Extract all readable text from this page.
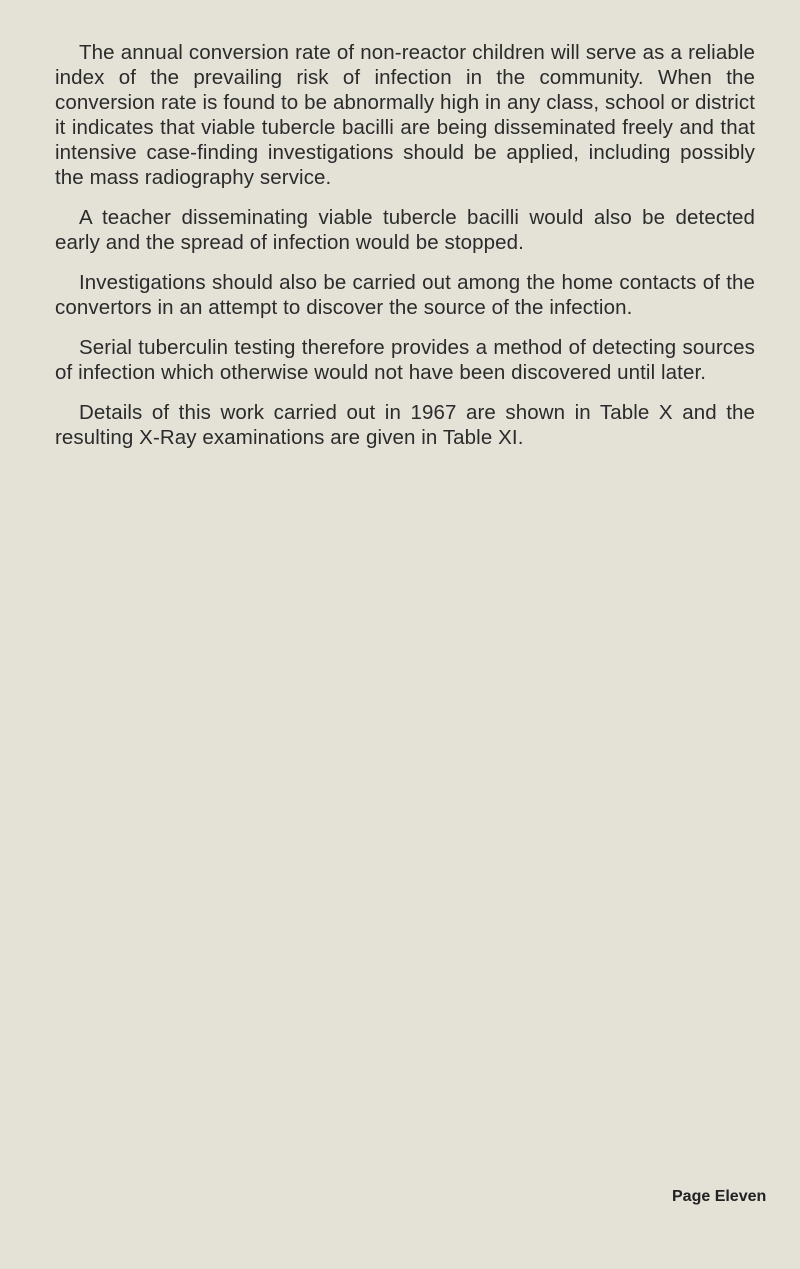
The annual conversion rate of non-reactor children will serve as a reliable index of the prevailing risk of infection in the community. When the conversion rate is found to be abnormally high in any class, school or district it indicates that viable tubercle bacilli are being disseminated freely and that intensive case-finding investigations should be applied, including possibly the mass radiography service.

A teacher disseminating viable tubercle bacilli would also be detected early and the spread of infection would be stopped.

Investigations should also be carried out among the home contacts of the convertors in an attempt to discover the source of the infection.

Serial tuberculin testing therefore provides a method of detecting sources of infection which otherwise would not have been discovered until later.

Details of this work carried out in 1967 are shown in Table X and the resulting X-Ray examinations are given in Table XI.

Page Eleven
